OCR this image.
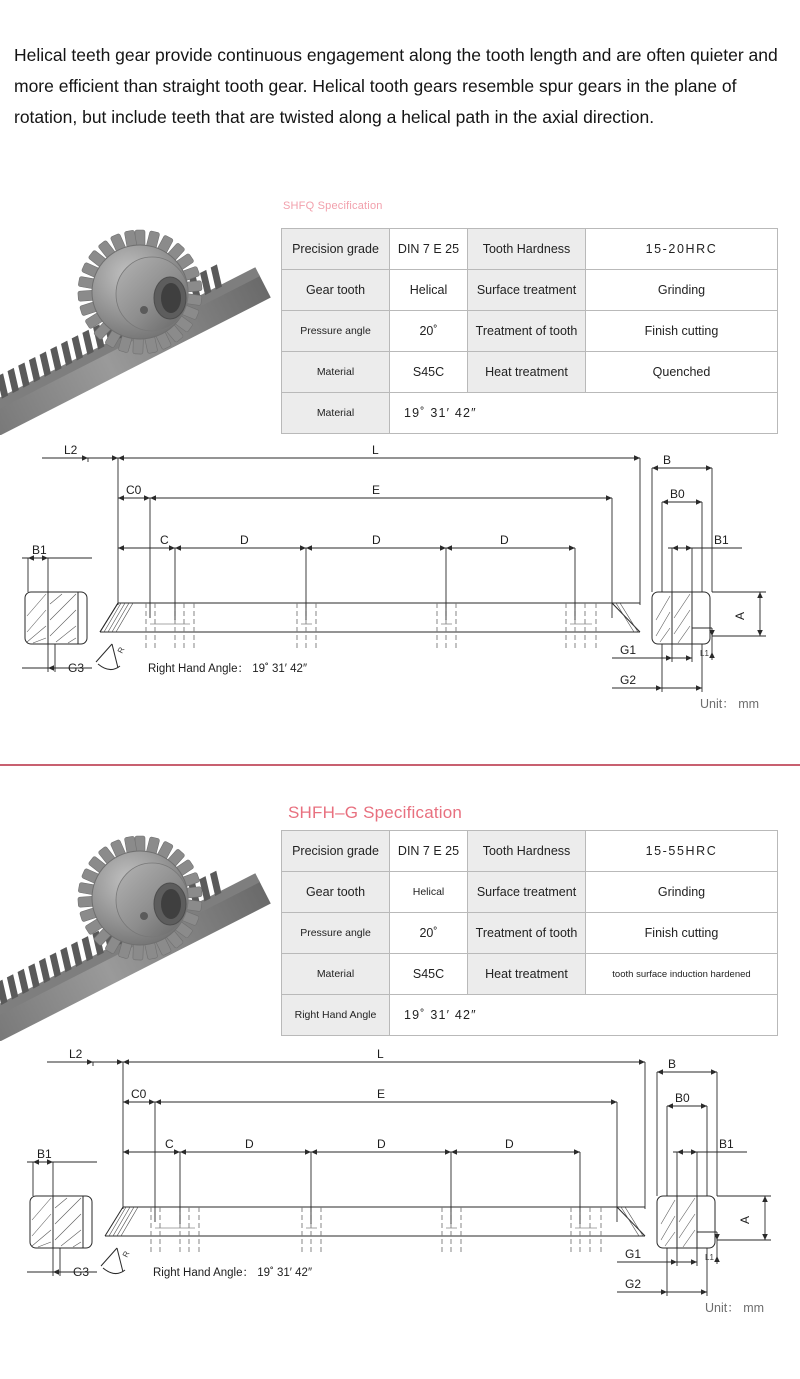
Helical teeth gear provide continuous engagement along the tooth length and are often quieter and more efficient than straight tooth gear. Helical tooth gears resemble spur gears in the plane of rotation, but include teeth that are twisted along a helical path in the axial direction.
SHFQ Specification
Precision grade	DIN 7 E 25	Tooth Hardness	15-20HRC
Gear tooth	Helical	Surface treatment	Grinding
Pressure angle	20˚	Treatment of tooth	Finish cutting
Material	S45C	Heat treatment	Quenched
Material	19˚ 31′ 42″		
L2	L
C0	E
C	D	D	D
B1
G3
R
Right Hand Angle： 19˚ 31′ 42″
B
B0
B1
A
G1
G2
L1
Unit： mm
SHFH–G Specification
Precision grade	DIN 7 E 25	Tooth Hardness	15-55HRC
Gear tooth	Helical	Surface treatment	Grinding
Pressure angle	20˚	Treatment of tooth	Finish cutting
Material	S45C	Heat treatment	tooth surface induction hardened
Right Hand Angle	19˚ 31′ 42″		
L2	L
C0	E
C	D	D	D
B1
G3
R
Right Hand Angle： 19˚ 31′ 42″
B
B0
B1
A
G1
G2
L1
Unit： mm
